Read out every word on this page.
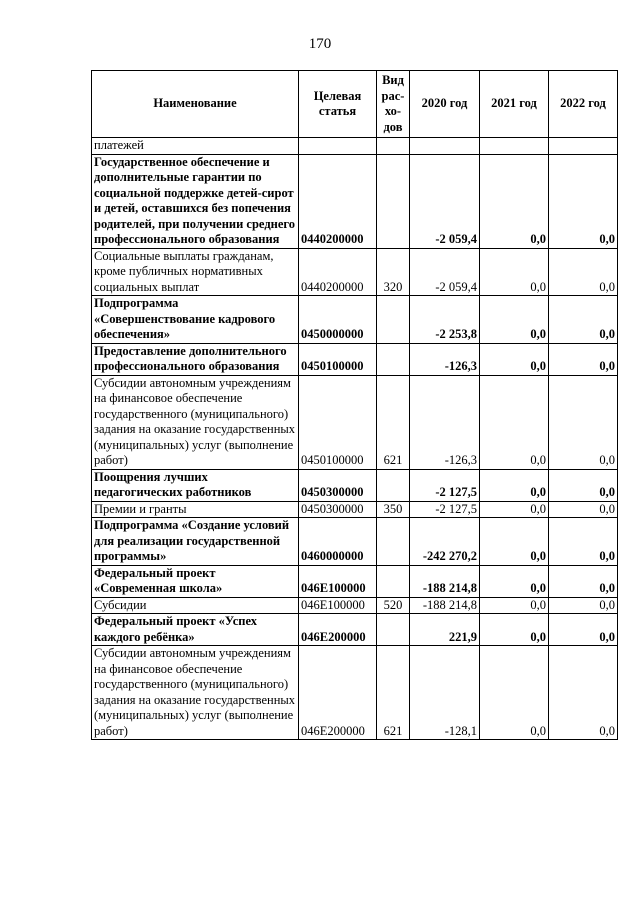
170
Наименование	Целевая статья	Вид рас-хо-дов	2020 год	2021 год	2022 год
платежей					
Государственное обеспечение и дополнительные гарантии по социальной поддержке детей-сирот и детей, оставшихся без попечения родителей, при получении среднего профессионального образования	0440200000		-2 059,4	0,0	0,0
Социальные выплаты гражданам, кроме публичных нормативных социальных выплат	0440200000	320	-2 059,4	0,0	0,0
Подпрограмма «Совершенствование кадрового обеспечения»	0450000000		-2 253,8	0,0	0,0
Предоставление дополнительного профессионального образования	0450100000		-126,3	0,0	0,0
Субсидии автономным учреждениям на финансовое обеспечение государственного (муниципального) задания на оказание государственных (муниципальных) услуг (выполнение работ)	0450100000	621	-126,3	0,0	0,0
Поощрения лучших педагогических работников	0450300000		-2 127,5	0,0	0,0
Премии и гранты	0450300000	350	-2 127,5	0,0	0,0
Подпрограмма «Создание условий для реализации государственной программы»	0460000000		-242 270,2	0,0	0,0
Федеральный проект «Современная школа»	046E100000		-188 214,8	0,0	0,0
Субсидии	046E100000	520	-188 214,8	0,0	0,0
Федеральный проект «Успех каждого ребёнка»	046E200000		221,9	0,0	0,0
Субсидии автономным учреждениям на финансовое обеспечение государственного (муниципального) задания на оказание государственных (муниципальных) услуг (выполнение работ)	046E200000	621	-128,1	0,0	0,0
